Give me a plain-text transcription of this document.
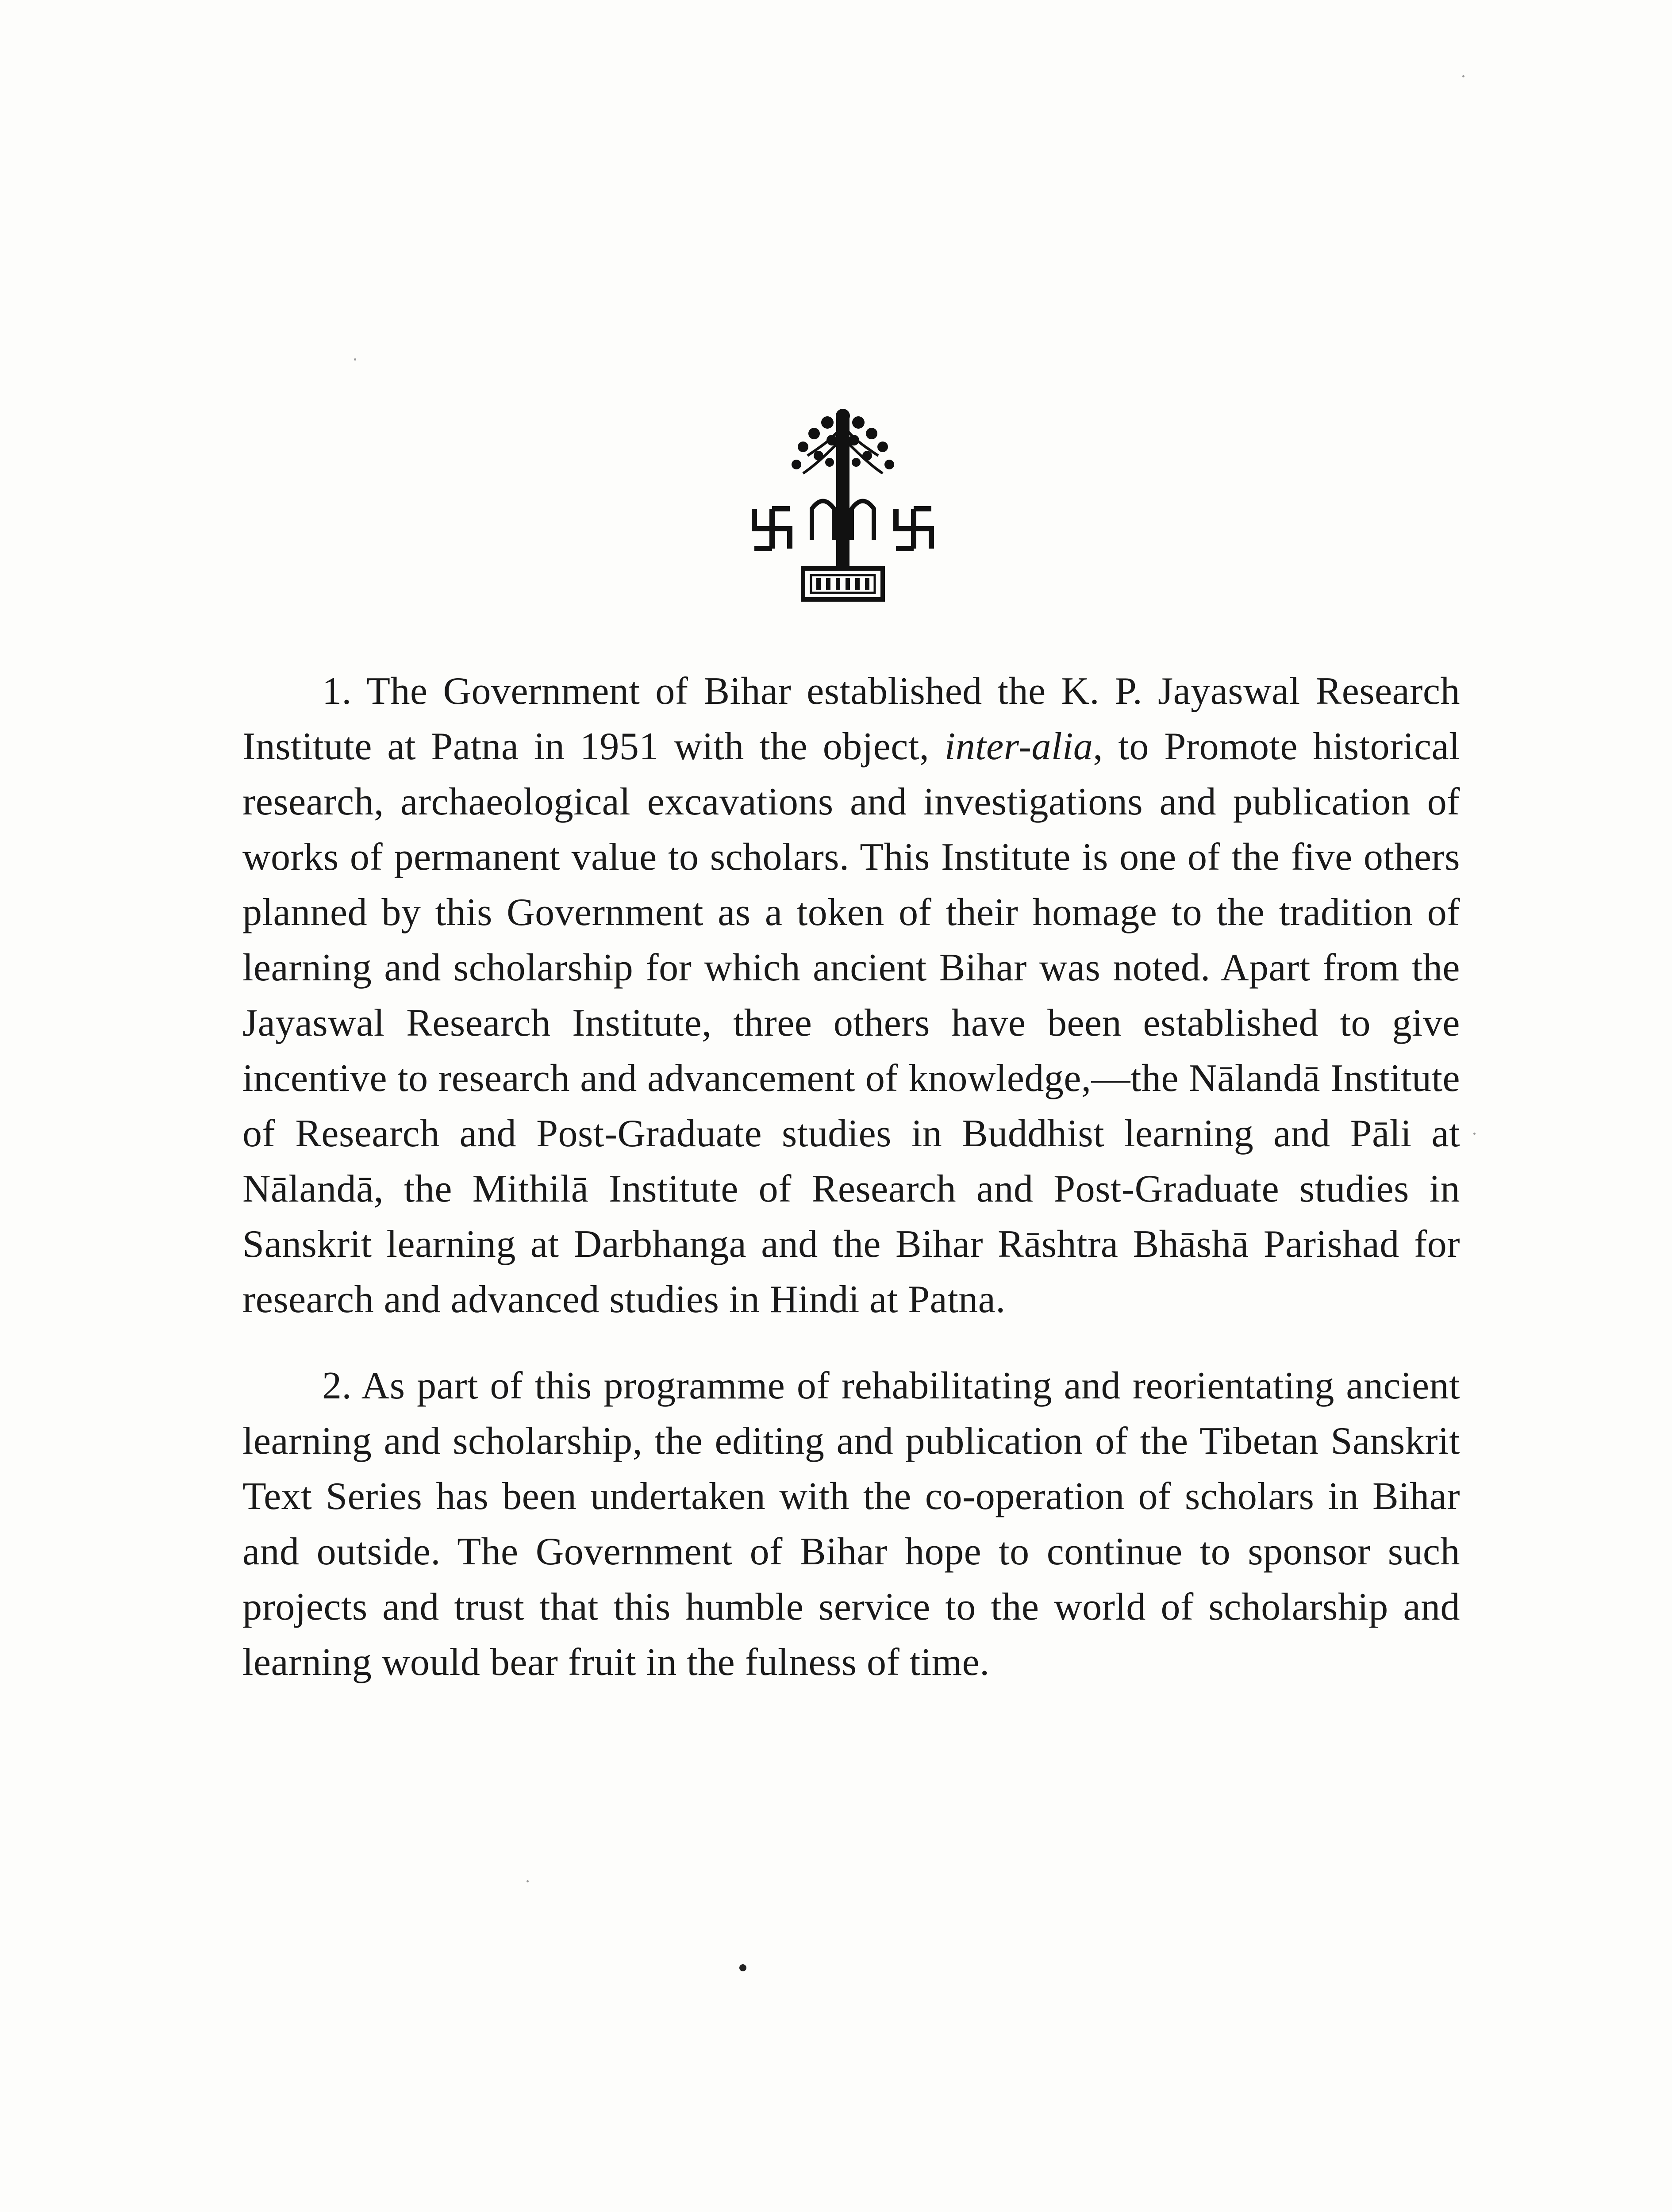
1. The Government of Bihar established the K. P. Jayaswal Research Institute at Patna in 1951 with the object, inter-alia, to Promote historical research, archaeological excavations and investigations and publication of works of permanent value to scholars. This Institute is one of the five others planned by this Government as a token of their homage to the tradition of learning and scholarship for which ancient Bihar was noted. Apart from the Jayaswal Research Institute, three others have been established to give incentive to research and advancement of knowledge,—the Nālandā Institute of Research and Post-Graduate studies in Buddhist learning and Pāli at Nālandā, the Mithilā Institute of Research and Post-Graduate studies in Sanskrit learning at Darbhanga and the Bihar Rāshtra Bhāshā Parishad for research and advanced studies in Hindi at Patna.

2. As part of this programme of rehabilitating and reorientating ancient learning and scholarship, the editing and publication of the Tibetan Sanskrit Text Series has been undertaken with the co-operation of scholars in Bihar and outside. The Government of Bihar hope to continue to sponsor such projects and trust that this humble service to the world of scholarship and learning would bear fruit in the fulness of time.
